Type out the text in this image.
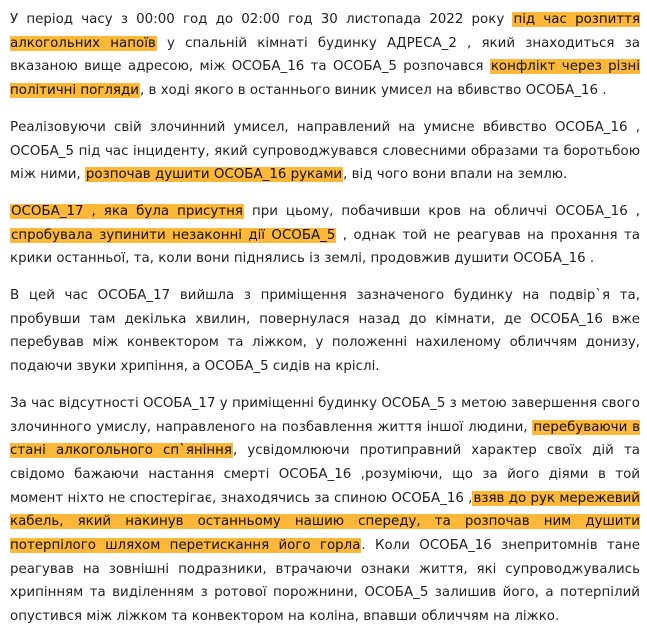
У період часу з 00:00 год до 02:00 год 30 листопада 2022 року під час розпиття алкогольних напоїв у спальній кімнаті будинку АДРЕСА_2 , який знаходиться за вказаною вище адресою, між ОСОБА_16 та ОСОБА_5 розпочався конфлікт через різні політичні погляди, в ході якого в останнього виник умисел на вбивство ОСОБА_16 .

Реалізовуючи свій злочинний умисел, направлений на умисне вбивство ОСОБА_16 , ОСОБА_5 під час інциденту, який супроводжувався словесними образами та боротьбою між ними, розпочав душити ОСОБА_16 руками, від чого вони впали на землю.

ОСОБА_17 , яка була присутня при цьому, побачивши кров на обличчі ОСОБА_16 , спробувала зупинити незаконні дії ОСОБА_5 , однак той не реагував на прохання та крики останньої, та, коли вони піднялись із землі, продовжив душити ОСОБА_16 .

В цей час ОСОБА_17 вийшла з приміщення зазначеного будинку на подвір`я та, пробувши там декілька хвилин, повернулася назад до кімнати, де ОСОБА_16 вже перебував між конвектором та ліжком, у положенні нахиленому обличчям донизу, подаючи звуки хрипіння, а ОСОБА_5 сидів на кріслі.

За час відсутності ОСОБА_17 у приміщенні будинку ОСОБА_5 з метою завершення свого злочинного умислу, направленого на позбавлення життя іншої людини, перебуваючи в стані алкогольного сп`яніння, усвідомлюючи протиправний характер своїх дій та свідомо бажаючи настання смерті ОСОБА_16 ,розуміючи, що за його діями в той момент ніхто не спостерігає, знаходячись за спиною ОСОБА_16 ,взяв до рук мережевий кабель, який накинув останньому нашию спереду, та розпочав ним душити потерпілого шляхом перетискання його горла. Коли ОСОБА_16 знепритомнів тане реагував на зовнішні подразники, втрачаючи ознаки життя, які супроводжувались хрипінням та виділенням з ротової порожнини, ОСОБА_5 залишив його, а потерпілий опустився між ліжком та конвектором на коліна, впавши обличчям на ліжко.
